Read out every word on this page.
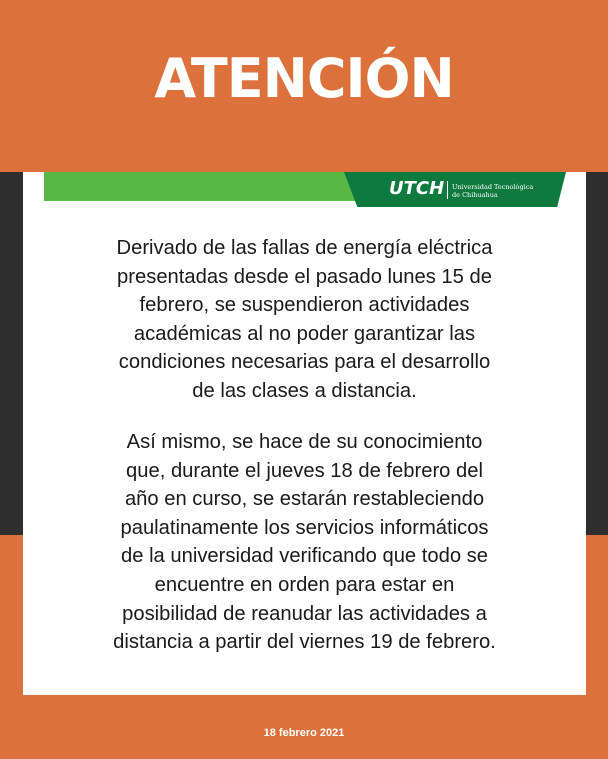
ATENCIÓN
UTCH Universidad Tecnológica
de Chihuahua
Derivado de las fallas de energía eléctrica
presentadas desde el pasado lunes 15 de
febrero, se suspendieron actividades
académicas al no poder garantizar las
condiciones necesarias para el desarrollo
de las clases a distancia.
Así mismo, se hace de su conocimiento
que, durante el jueves 18 de febrero del
año en curso, se estarán restableciendo
paulatinamente los servicios informáticos
de la universidad verificando que todo se
encuentre en orden para estar en
posibilidad de reanudar las actividades a
distancia a partir del viernes 19 de febrero.
18 febrero 2021
